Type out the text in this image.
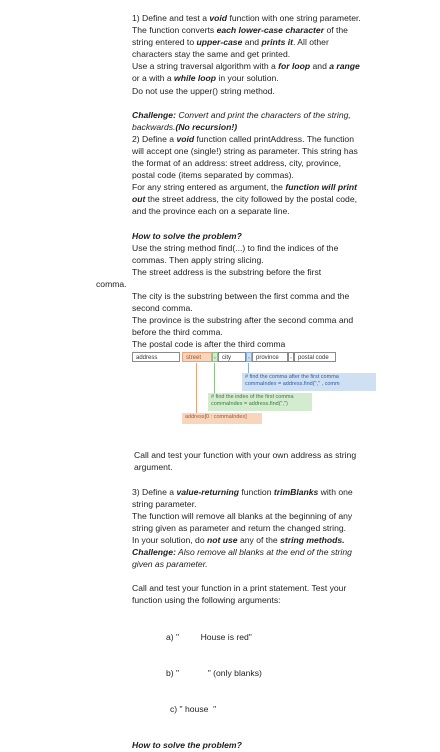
1) Define and test a void function with one string parameter.
The function converts each lower-case character of the string entered to upper-case and prints it. All other characters stay the same and get printed.
Use a string traversal algorithm with a for loop and a range or a with a while loop in your solution.
Do not use the upper() string method.

Challenge: Convert and print the characters of the string, backwards.(No recursion!)

2) Define a void function called printAddress. The function will accept one (single!) string as parameter. This string has the format of an address: street address, city, province, postal code (items separated by commas).
For any string entered as argument, the function will print out the street address, the city followed by the postal code, and the province each on a separate line.

How to solve the problem?
Use the string method find(...) to find the indices of the commas. Then apply string slicing.
The street address is the substring before the first

comma.

The city is the substring between the first comma and the second comma.
The province is the substring after the second comma and before the third comma.
The postal code is after the third comma

address	street	,	city	,	province	,	postal code
# find the comma after the first comma
commaIndex = address.find("," , comm
# find the index of the first comma
commaIndex = address.find(",")
address[0 : commaIndex]

Call and test your function with your own address as string argument.

3) Define a value-returning function trimBlanks with one string parameter.
The function will remove all blanks at the beginning of any string given as parameter and return the changed string.
In your solution, do not use any of the string methods.
Challenge: Also remove all blanks at the end of the string given as parameter.

Call and test your function in a print statement. Test your function using the following arguments:

a) "         House is red"

b) "            " (only blanks)

c) " house  "

How to solve the problem?
